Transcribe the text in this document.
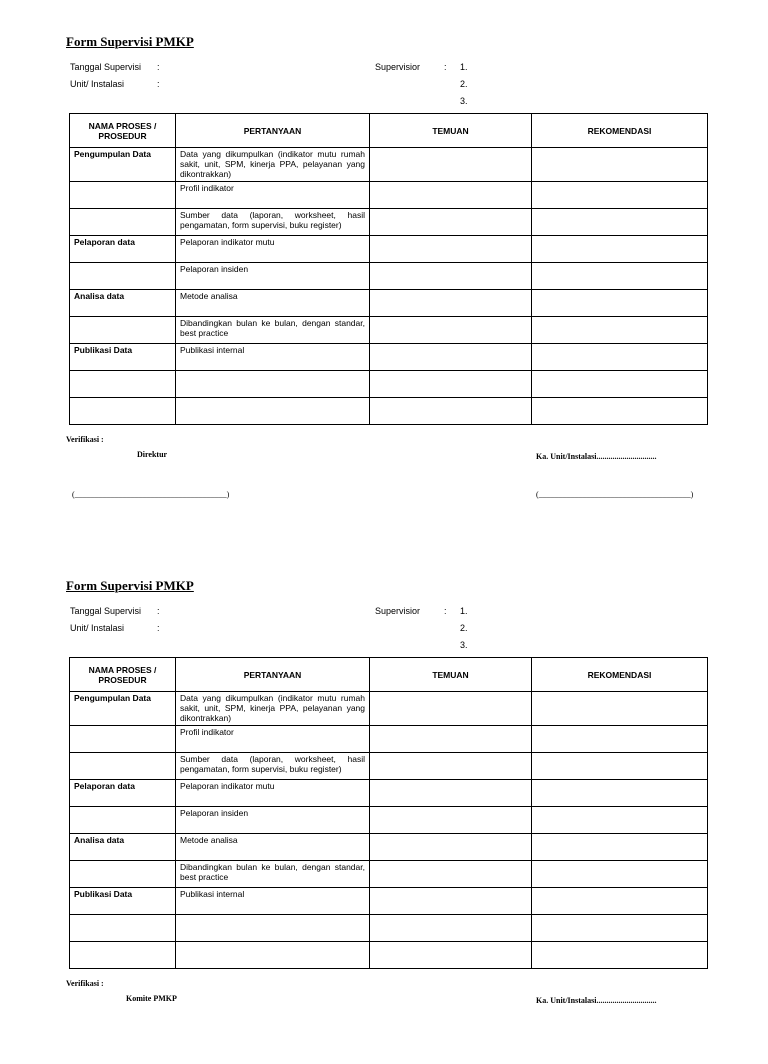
Form Supervisi PMKP
Tanggal Supervisi :
Unit/ Instalasi	:
Supervisior	: 1.
2.
3.
NAMA PROSES /
PROSEDUR	PERTANYAAN	TEMUAN	REKOMENDASI
Pengumpulan Data	Data yang dikumpulkan (indikator mutu rumah sakit, unit, SPM, kinerja PPA, pelayanan yang dikontrakkan)		
	Profil indikator		
	Sumber data (laporan, worksheet, hasil pengamatan, form supervisi, buku register)		
Pelaporan data	Pelaporan indikator mutu		
	Pelaporan insiden		
Analisa data	Metode analisa		
	Dibandingkan bulan ke bulan, dengan standar, best practice		
Publikasi Data	Publikasi internal		

Verifikasi :
Direktur	Ka. Unit/Instalasi..............................
(______________________________________)	(______________________________________)
Form Supervisi PMKP
Tanggal Supervisi :
Unit/ Instalasi	:
Supervisior	: 1.
2.
3.
NAMA PROSES /
PROSEDUR	PERTANYAAN	TEMUAN	REKOMENDASI
Pengumpulan Data	Data yang dikumpulkan (indikator mutu rumah sakit, unit, SPM, kinerja PPA, pelayanan yang dikontrakkan)		
	Profil indikator		
	Sumber data (laporan, worksheet, hasil pengamatan, form supervisi, buku register)		
Pelaporan data	Pelaporan indikator mutu		
	Pelaporan insiden		
Analisa data	Metode analisa		
	Dibandingkan bulan ke bulan, dengan standar, best practice		
Publikasi Data	Publikasi internal		

Verifikasi :
Komite PMKP	Ka. Unit/Instalasi..............................
